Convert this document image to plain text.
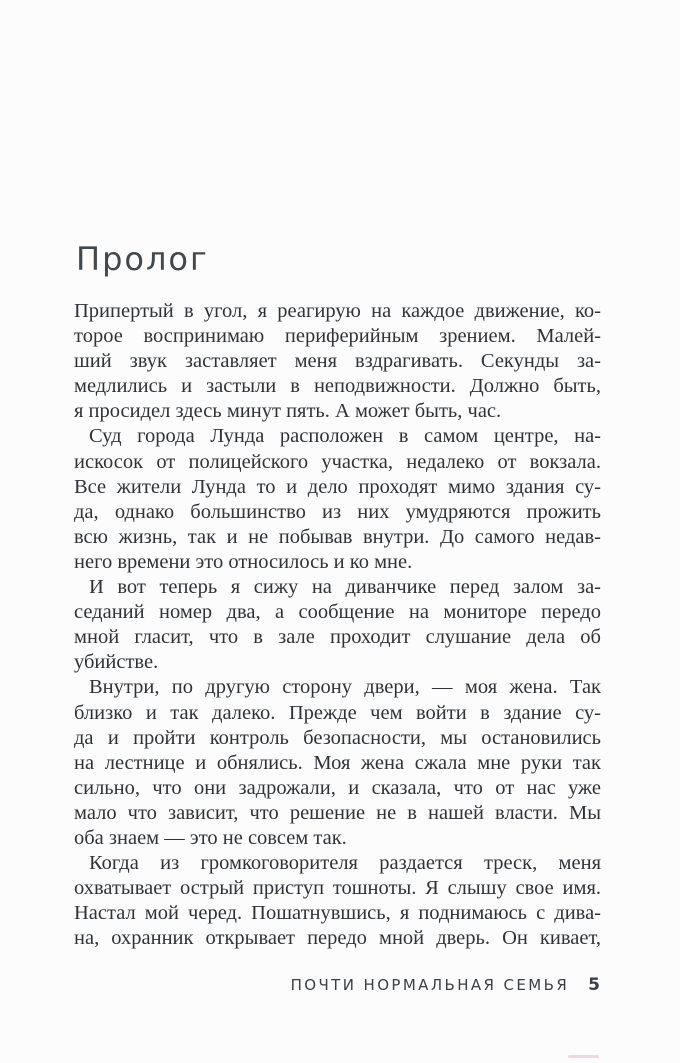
Пролог
Припертый в угол, я реагирую на каждое движение, ко-
торое воспринимаю периферийным зрением. Малей-
ший звук заставляет меня вздрагивать. Секунды за-
медлились и застыли в неподвижности. Должно быть,
я просидел здесь минут пять. А может быть, час.
Суд города Лунда расположен в самом центре, на-
искосок от полицейского участка, недалеко от вокзала.
Все жители Лунда то и дело проходят мимо здания су-
да, однако большинство из них умудряются прожить
всю жизнь, так и не побывав внутри. До самого недав-
него времени это относилось и ко мне.
И вот теперь я сижу на диванчике перед залом за-
седаний номер два, а сообщение на мониторе передо
мной гласит, что в зале проходит слушание дела об
убийстве.
Внутри, по другую сторону двери, — моя жена. Так
близко и так далеко. Прежде чем войти в здание су-
да и пройти контроль безопасности, мы остановились
на лестнице и обнялись. Моя жена сжала мне руки так
сильно, что они задрожали, и сказала, что от нас уже
мало что зависит, что решение не в нашей власти. Мы
оба знаем — это не совсем так.
Когда из громкоговорителя раздается треск, меня
охватывает острый приступ тошноты. Я слышу свое имя.
Настал мой черед. Пошатнувшись, я поднимаюсь с дива-
на, охранник открывает передо мной дверь. Он кивает,
ПОЧТИ НОРМАЛЬНАЯ СЕМЬЯ 5
